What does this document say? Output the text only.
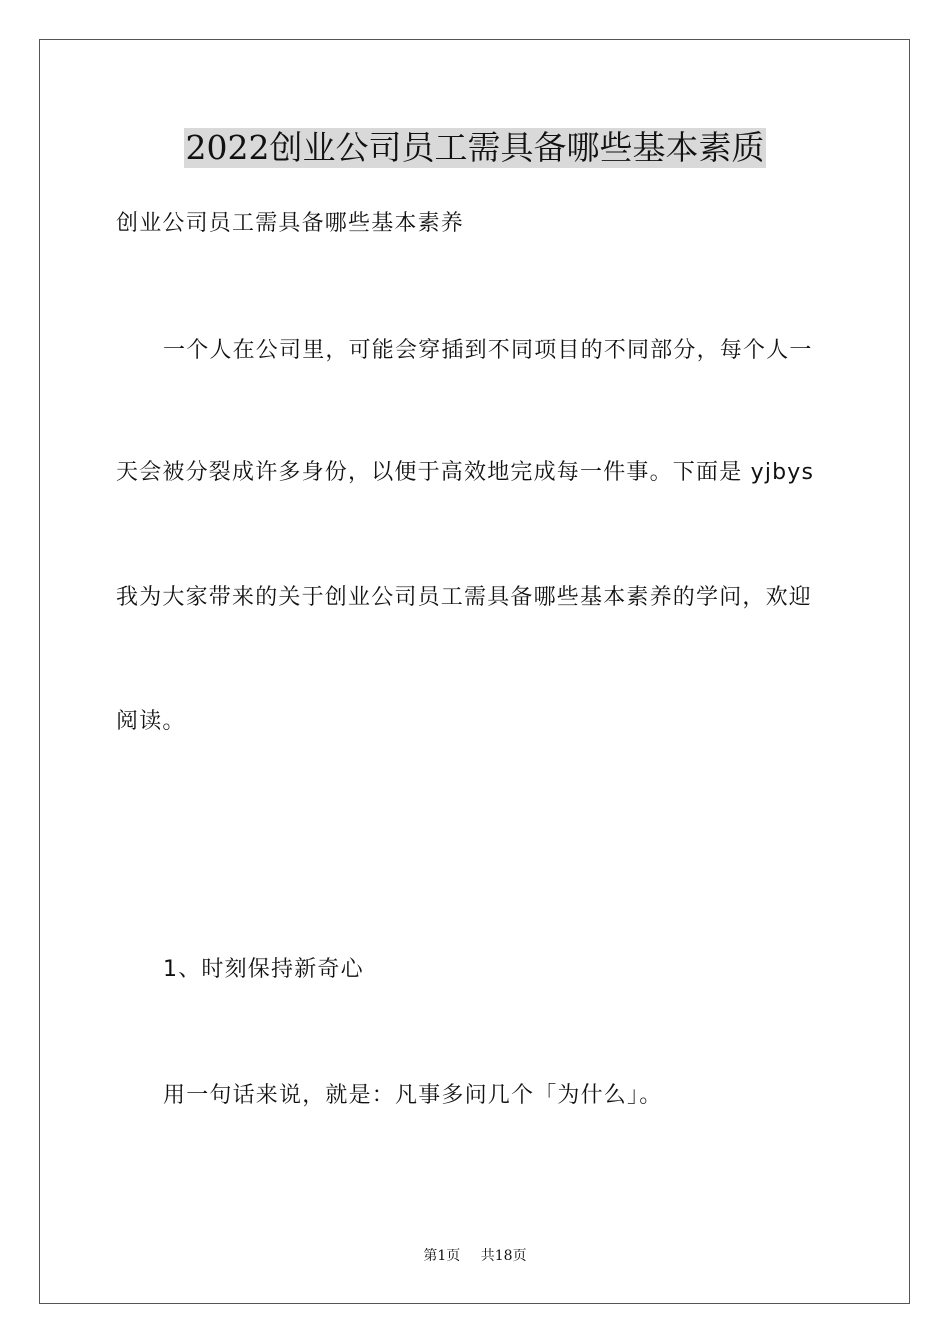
2022创业公司员工需具备哪些基本素质

创业公司员工需具备哪些基本素养

一个人在公司里，可能会穿插到不同项目的不同部分，每个人一

天会被分裂成许多身份，以便于高效地完成每一件事。下面是 yjbys

我为大家带来的关于创业公司员工需具备哪些基本素养的学问，欢迎

阅读。

1、时刻保持新奇心

用一句话来说，就是：凡事多问几个「为什么」。

第1页 共18页
